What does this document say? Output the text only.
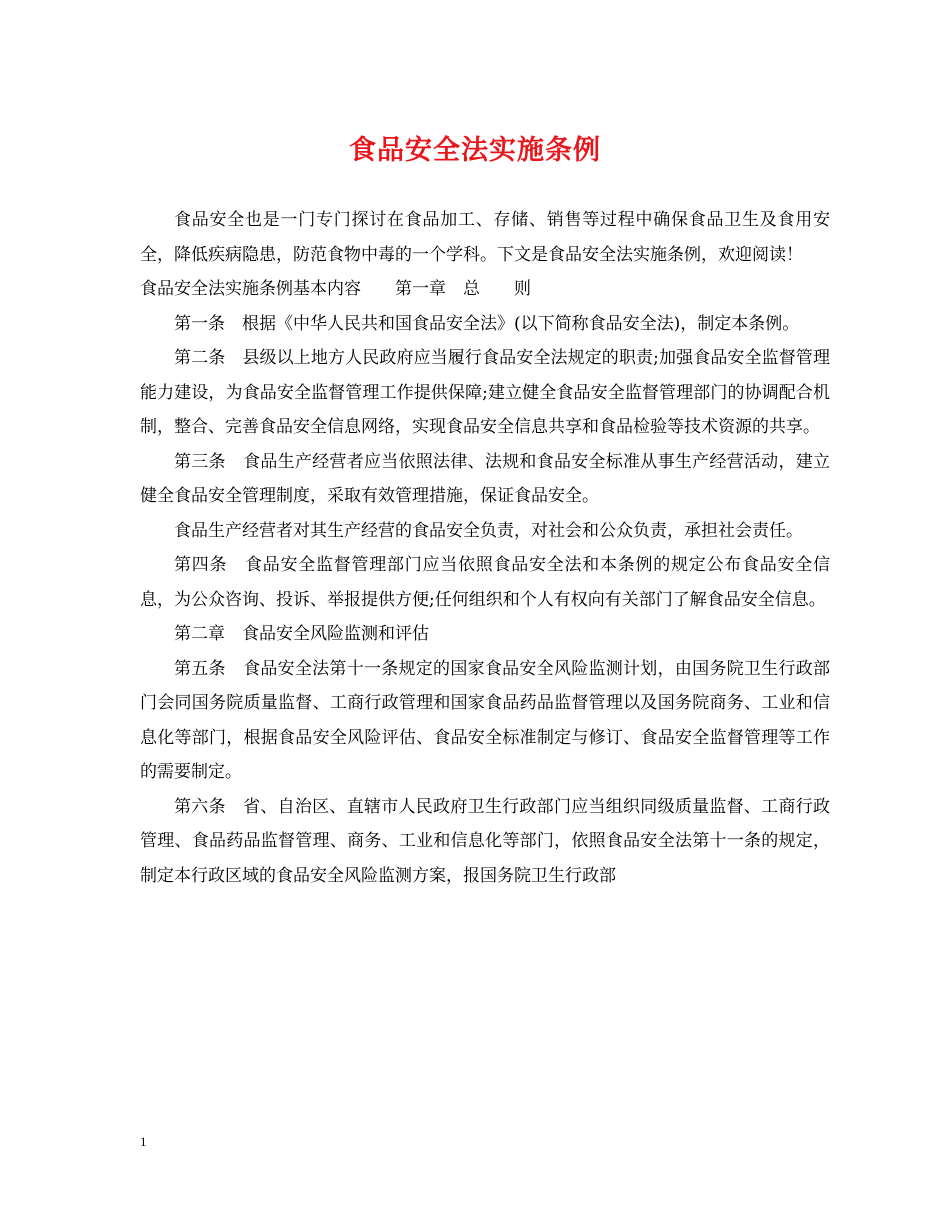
食品安全法实施条例

食品安全也是一门专门探讨在食品加工、存储、销售等过程中确保食品卫生及食用安全，降低疾病隐患，防范食物中毒的一个学科。下文是食品安全法实施条例，欢迎阅读！

食品安全法实施条例基本内容　　第一章　总　　则

第一条　根据《中华人民共和国食品安全法》(以下简称食品安全法)，制定本条例。

第二条　县级以上地方人民政府应当履行食品安全法规定的职责;加强食品安全监督管理能力建设，为食品安全监督管理工作提供保障;建立健全食品安全监督管理部门的协调配合机制，整合、完善食品安全信息网络，实现食品安全信息共享和食品检验等技术资源的共享。

第三条　食品生产经营者应当依照法律、法规和食品安全标准从事生产经营活动，建立健全食品安全管理制度，采取有效管理措施，保证食品安全。

食品生产经营者对其生产经营的食品安全负责，对社会和公众负责，承担社会责任。

第四条　食品安全监督管理部门应当依照食品安全法和本条例的规定公布食品安全信息，为公众咨询、投诉、举报提供方便;任何组织和个人有权向有关部门了解食品安全信息。

第二章　食品安全风险监测和评估

第五条　食品安全法第十一条规定的国家食品安全风险监测计划，由国务院卫生行政部门会同国务院质量监督、工商行政管理和国家食品药品监督管理以及国务院商务、工业和信息化等部门，根据食品安全风险评估、食品安全标准制定与修订、食品安全监督管理等工作的需要制定。

第六条　省、自治区、直辖市人民政府卫生行政部门应当组织同级质量监督、工商行政管理、食品药品监督管理、商务、工业和信息化等部门，依照食品安全法第十一条的规定，制定本行政区域的食品安全风险监测方案，报国务院卫生行政部

1
